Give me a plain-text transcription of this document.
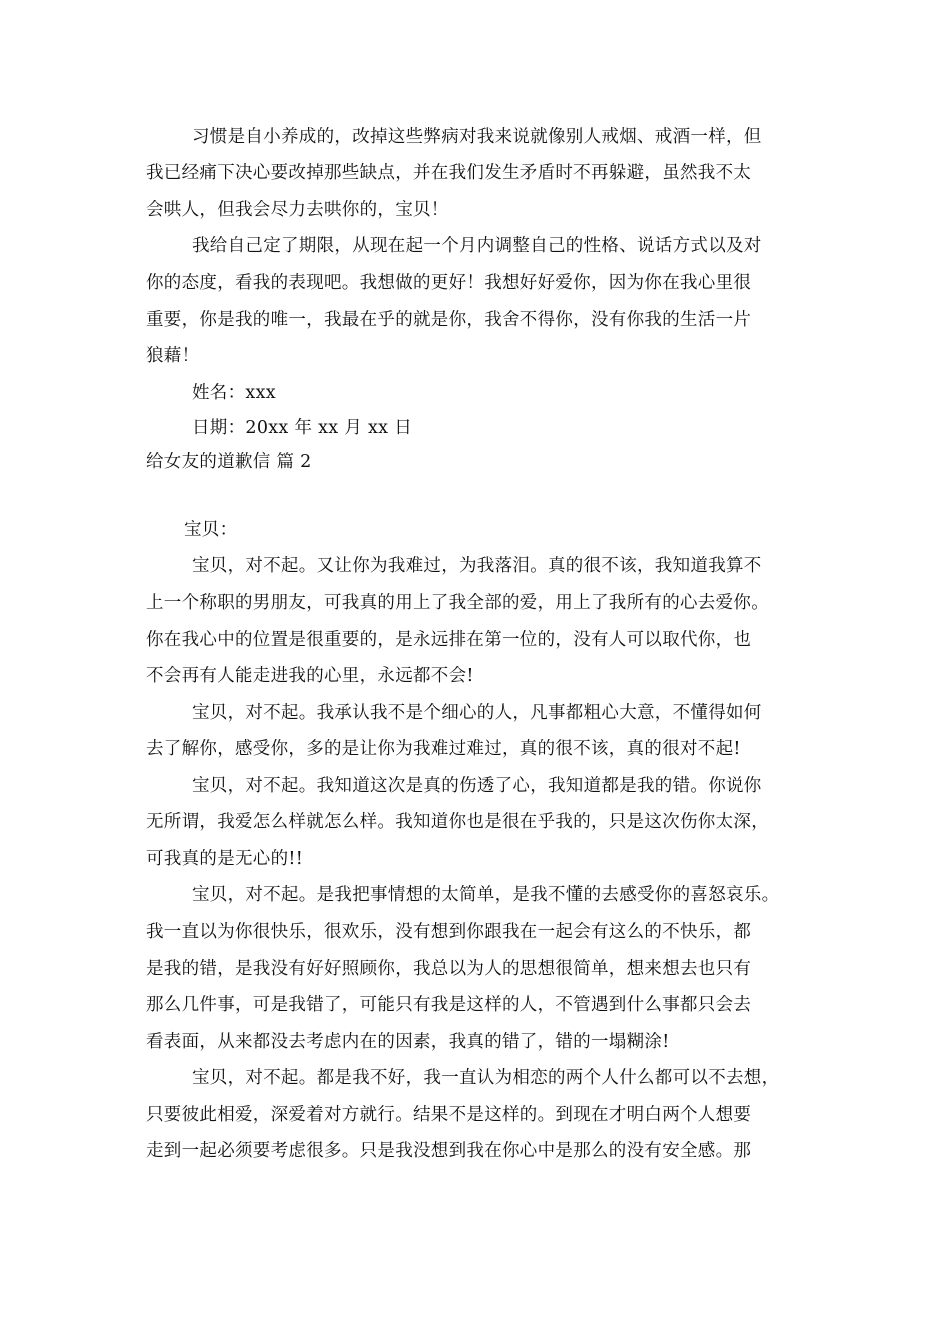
习惯是自小养成的，改掉这些弊病对我来说就像别人戒烟、戒酒一样，但
我已经痛下决心要改掉那些缺点，并在我们发生矛盾时不再躲避，虽然我不太
会哄人，但我会尽力去哄你的，宝贝！
我给自己定了期限，从现在起一个月内调整自己的性格、说话方式以及对
你的态度，看我的表现吧。我想做的更好！我想好好爱你，因为你在我心里很
重要，你是我的唯一，我最在乎的就是你，我舍不得你，没有你我的生活一片
狼藉！
姓名：xxx
日期：20xx 年 xx 月 xx 日
给女友的道歉信 篇 2
宝贝：
宝贝，对不起。又让你为我难过，为我落泪。真的很不该，我知道我算不
上一个称职的男朋友，可我真的用上了我全部的爱，用上了我所有的心去爱你。
你在我心中的位置是很重要的，是永远排在第一位的，没有人可以取代你，也
不会再有人能走进我的心里，永远都不会!
宝贝，对不起。我承认我不是个细心的人，凡事都粗心大意，不懂得如何
去了解你，感受你，多的是让你为我难过难过，真的很不该，真的很对不起!
宝贝，对不起。我知道这次是真的伤透了心，我知道都是我的错。你说你
无所谓，我爱怎么样就怎么样。我知道你也是很在乎我的，只是这次伤你太深，
可我真的是无心的!!
宝贝，对不起。是我把事情想的太简单，是我不懂的去感受你的喜怒哀乐。
我一直以为你很快乐，很欢乐，没有想到你跟我在一起会有这么的不快乐，都
是我的错，是我没有好好照顾你，我总以为人的思想很简单，想来想去也只有
那么几件事，可是我错了，可能只有我是这样的人，不管遇到什么事都只会去
看表面，从来都没去考虑内在的因素，我真的错了，错的一塌糊涂!
宝贝，对不起。都是我不好，我一直认为相恋的两个人什么都可以不去想，
只要彼此相爱，深爱着对方就行。结果不是这样的。到现在才明白两个人想要
走到一起必须要考虑很多。只是我没想到我在你心中是那么的没有安全感。那
